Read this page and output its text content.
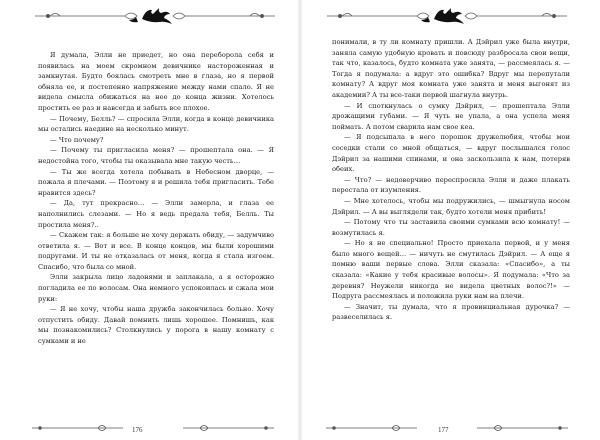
Я думала, Элли не приедет, но она переборола себя и появилась на моем скромном девичнике настороженная и замкнутая. Будто боялась смотреть мне в глаза, но я первой обняла ее, и постепенно напряжение между нами спало. Я не видела смысла обижаться на нее до конца жизни. Хотелось простить ее раз и навсегда и забыть все плохое.

— Почему, Белль? — спросила Элли, когда в конце девичника мы остались наедине на несколько минут.

— Что почему?

— Почему ты пригласила меня? — прошептала она. — Я недостойна того, чтобы ты оказывала мне такую честь…

— Ты же всегда хотела побывать в Небесном дворце, — пожала я плечами. — Поэтому я и решила тебя пригласить. Тебе нравится здесь?

— Да, тут прекрасно… — Элли замерла, и глаза ее наполнились слезами. — Но я ведь предала тебя, Белль. Ты простила меня?..

— Скажем так: я больше не хочу держать обиду, — задумчиво ответила я. — Вот и все. В конце концов, мы были хорошими подругами. И ты не отказалась от меня, когда я стала изгоем. Спасибо, что была со мной.

Элли закрыла лицо ладонями и заплакала, а я осторожно погладила ее по волосам. Она немного успокоилась и сжала мои руки:

— Я не хочу, чтобы наша дружба закончилась больно. Хочу отпустить обиду. Давай помнить лишь хорошее. Помнишь, как мы познакомились? Столкнулись у порога в нашу комнату с сумками и не

176

понимали, в ту ли комнату пришли. А Дэйрил уже была внутри, заняла самую удобную кровать и повсюду разбросала свои вещи, так что, казалось, будто комната уже занята, — рассмеялась я. — Тогда я подумала: а вдруг это ошибка? Вдруг мы перепутали комнату? А вдруг моя комната уже занята и меня выгонят из академии? А ты все-таки первой шагнула внутрь.

— И споткнулась о сумку Дэйрил, — прошептала Элли дрожащими губами. — Я чуть не упала, а она успела меня поймать. А потом сварила нам свое кеа.

— Я подсыпала в него порошок дружелюбия, чтобы мои соседки стали со мной общаться, — вдруг послышался голос Дэйрил за нашими спинами, и она заскользила к нам, потеряв обеих.

— Что? — недоверчиво переспросила Элли и даже плакать перестала от изумления.

— Мне хотелось, чтобы мы подружились, — шмыгнула носом Дэйрил. — А вы выглядели так, будто хотели меня прибить!

— Потому что ты заставила своими сумками всю комнату! — возмутилась я.

— Но я не специально! Просто приехала первой, и у меня было много вещей… — ничуть не смутилась Дэйрил. — А еще я помню ваши первые слова. Элли сказала: «Спасибо», а ты сказала: «Какие у тебя красивые волосы». Я подумала: «Что за деревня? Неужели никогда не видела цветных волос?!» — Подруга рассмеялась и положила руки нам на плечи.

— Значит, ты думала, что я провинциальная дурочка? — развеселилась я.

177
